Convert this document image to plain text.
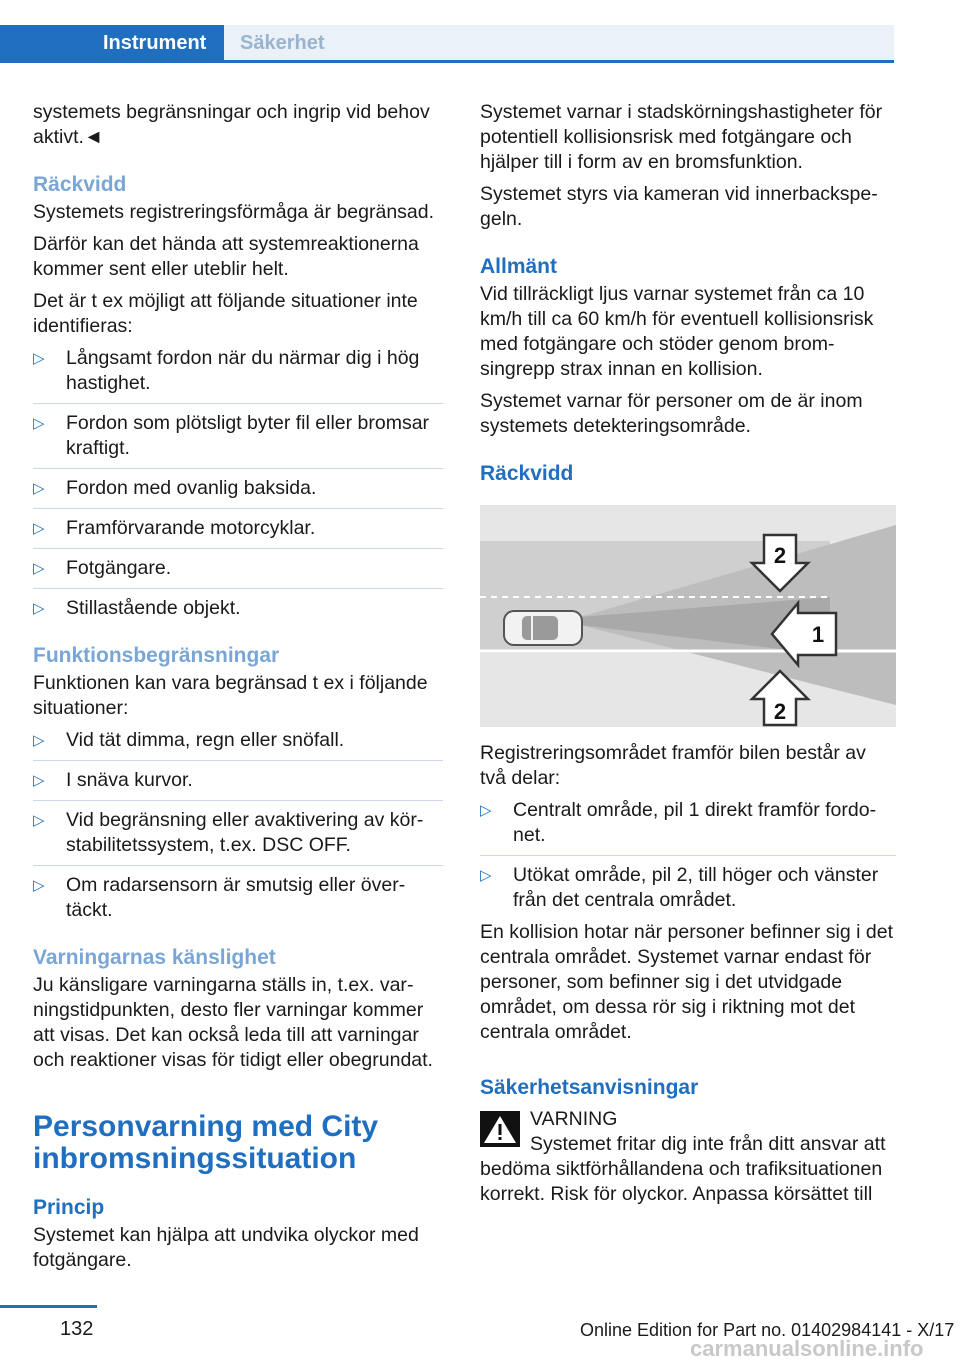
Instrument	Säkerhet

systemets begränsningar och ingrip vid behov aktivt.◄

Räckvidd

Systemets registreringsförmåga är begränsad.

Därför kan det hända att systemreaktionerna kommer sent eller uteblir helt.

Det är t ex möjligt att följande situationer inte identifieras:

▷ Långsamt fordon när du närmar dig i hög hastighet.
▷ Fordon som plötsligt byter fil eller bromsar kraftigt.
▷ Fordon med ovanlig baksida.
▷ Framförvarande motorcyklar.
▷ Fotgängare.
▷ Stillastående objekt.
Funktionsbegränsningar

Funktionen kan vara begränsad t ex i följande situationer:

▷ Vid tät dimma, regn eller snöfall.
▷ I snäva kurvor.
▷ Vid begränsning eller avaktivering av körstabilitetssystem, t.ex. DSC OFF.
▷ Om radarsensorn är smutsig eller övertäckt.
Varningarnas känslighet

Ju känsligare varningarna ställs in, t.ex. varningstidpunkten, desto fler varningar kommer att visas. Det kan också leda till att varningar och reaktioner visas för tidigt eller obegrundat.

Personvarning med City inbromsningssituation
Princip

Systemet kan hjälpa att undvika olyckor med fotgängare.

Systemet varnar i stadskörningshastigheter för potentiell kollisionsrisk med fotgängare och hjälper till i form av en bromsfunktion.

Systemet styrs via kameran vid innerbackspegeln.

Allmänt

Vid tillräckligt ljus varnar systemet från ca 10 km/h till ca 60 km/h för eventuell kollisionsrisk med fotgängare och stöder genom bromsingrepp strax innan en kollision.

Systemet varnar för personer om de är inom systemets detekteringsområde.

Räckvidd
1
2
2

Registreringsområdet framför bilen består av två delar:

▷ Centralt område, pil 1 direkt framför fordonet.
▷ Utökat område, pil 2, till höger och vänster från det centrala området.

En kollision hotar när personer befinner sig i det centrala området. Systemet varnar endast för personer, som befinner sig i det utvidgade området, om dessa rör sig i riktning mot det centrala området.

Säkerhetsanvisningar
VARNING
Systemet fritar dig inte från ditt ansvar att bedöma siktförhållandena och trafiksituationen korrekt. Risk för olyckor. Anpassa körsättet till
132	Online Edition for Part no. 01402984141 - X/17
carmanualsonline.info
